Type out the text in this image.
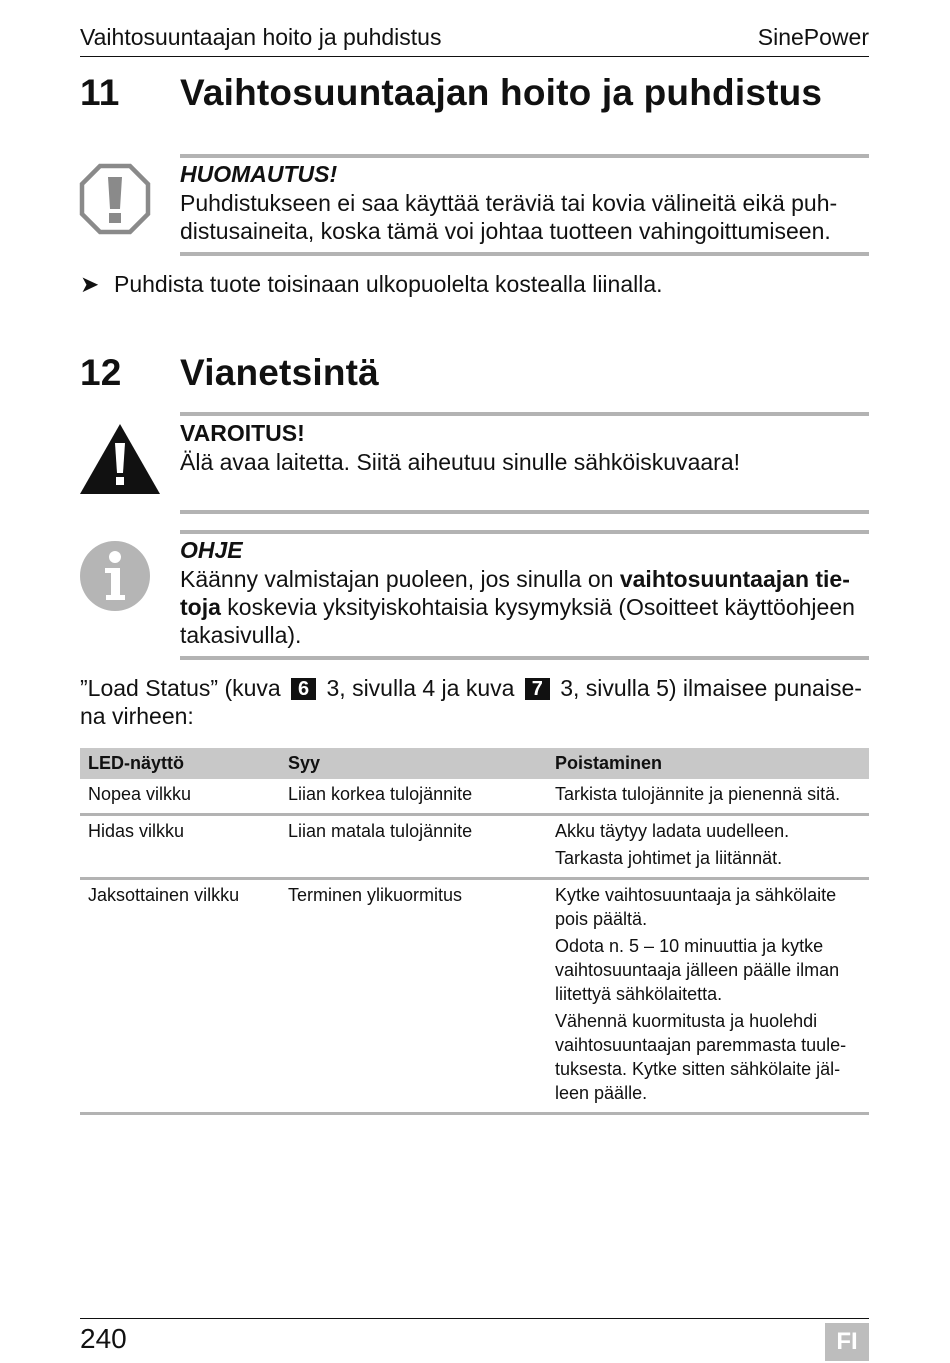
Vaihtosuuntaajan hoito ja puhdistus	SinePower
11 Vaihtosuuntaajan hoito ja puhdistus
HUOMAUTUS!
Puhdistukseen ei saa käyttää teräviä tai kovia välineitä eikä puh-
distusaineita, koska tämä voi johtaa tuotteen vahingoittumiseen.
➤ Puhdista tuote toisinaan ulkopuolelta kostealla liinalla.
12 Vianetsintä
VAROITUS!
Älä avaa laitetta. Siitä aiheutuu sinulle sähköiskuvaara!
OHJE
Käänny valmistajan puoleen, jos sinulla on vaihtosuuntaajan tie-
toja koskevia yksityiskohtaisia kysymyksiä (Osoitteet käyttöohjeen
takasivulla).
”Load Status” (kuva 6 3, sivulla 4 ja kuva 7 3, sivulla 5) ilmaisee punaise-
na virheen:
LED-näyttö	Syy	Poistaminen
Nopea vilkku	Liian korkea tulojännite	Tarkista tulojännite ja pienennä sitä.

Hidas vilkku	Liian matala tulojännite	Akku täytyy ladata uudelleen.

Tarkasta johtimet ja liitännät.

Jaksottainen vilkku	Terminen ylikuormitus	Kytke vaihtosuuntaaja ja sähkölaite pois päältä.

Odota n. 5 – 10 minuuttia ja kytke vaihtosuuntaaja jälleen päälle ilman liitettyä sähkölaitetta.

Vähennä kuormitusta ja huolehdi vaihtosuuntaajan paremmasta tuule-tuksesta. Kytke sitten sähkölaite jäl-leen päälle.

240	FI
